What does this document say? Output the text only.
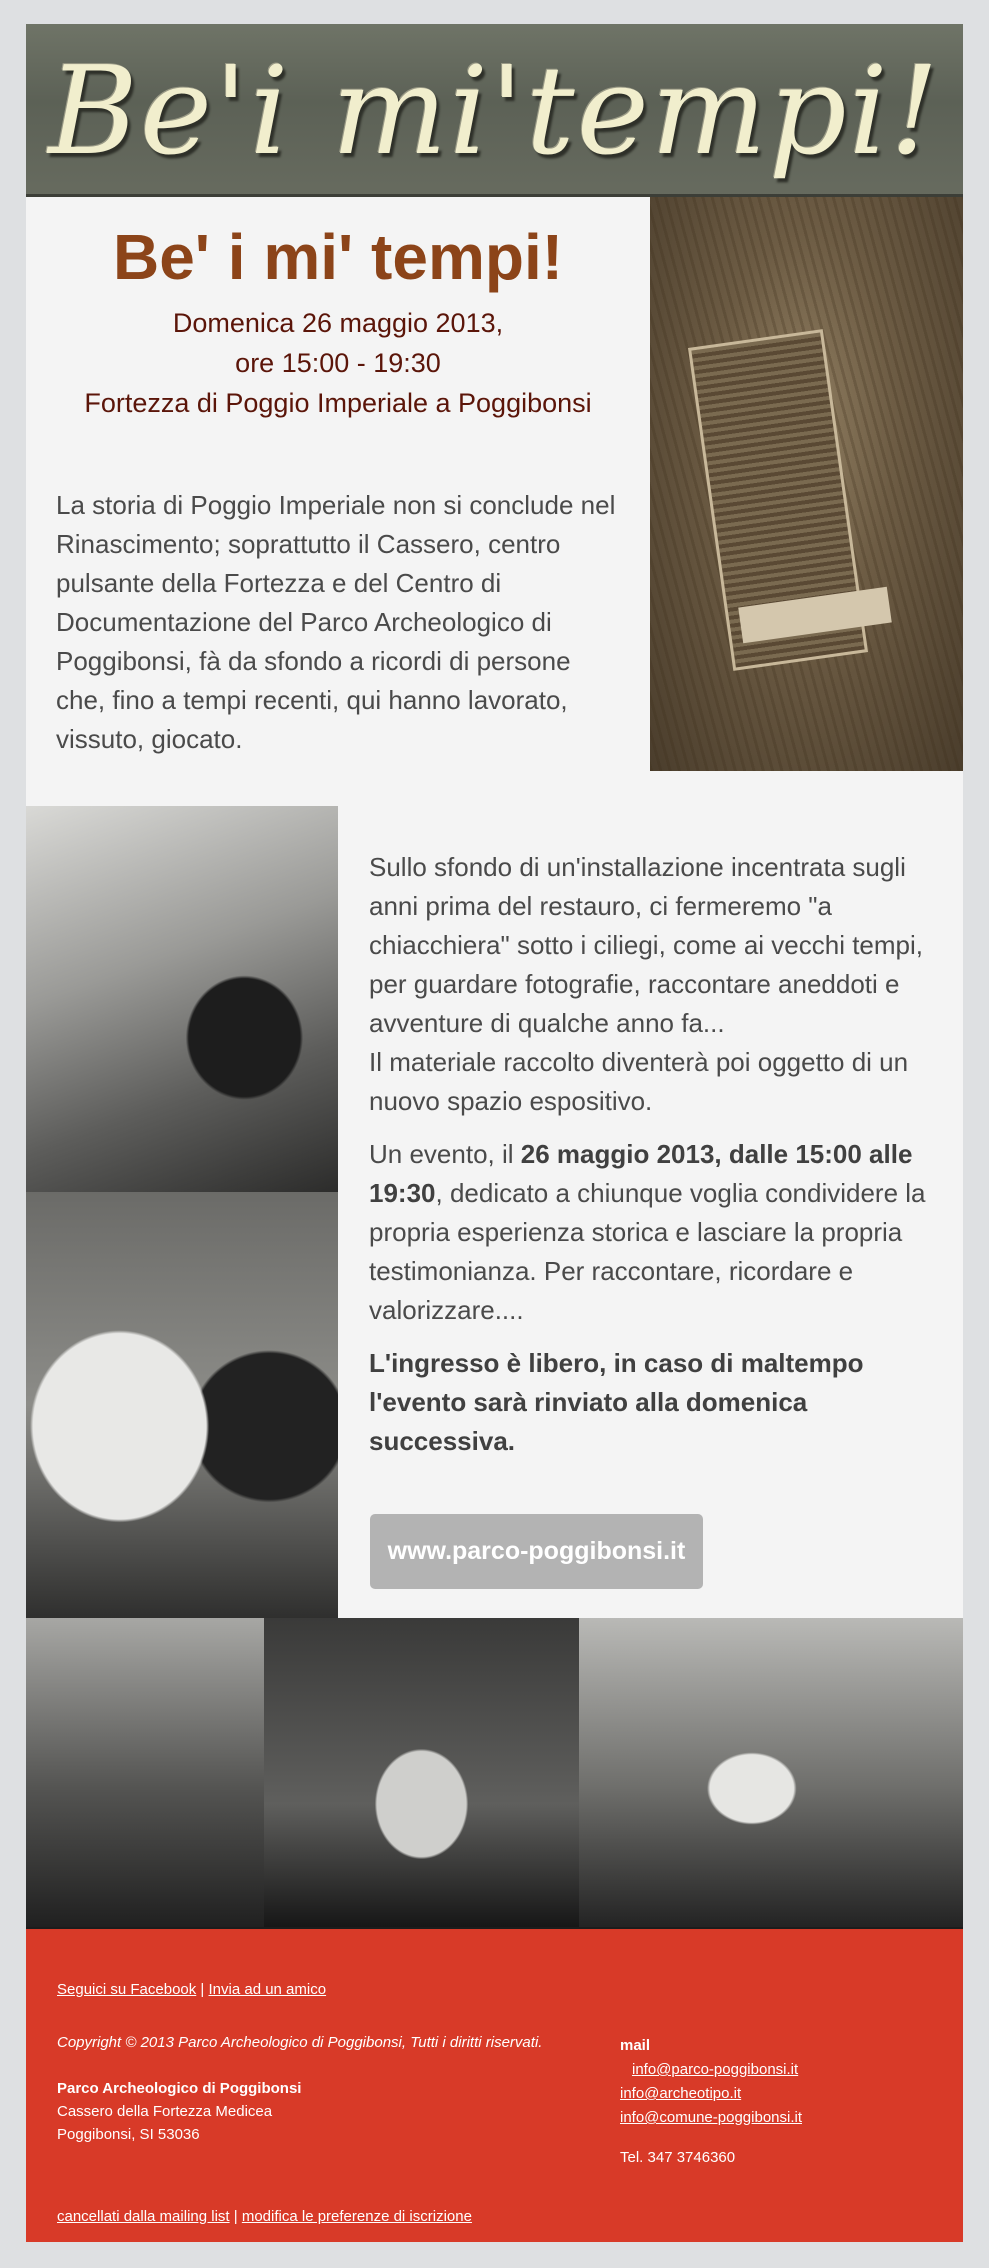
Be'i mi'tempi!
Be' i mi' tempi!
Domenica 26 maggio 2013,
ore 15:00 - 19:30
Fortezza di Poggio Imperiale a Poggibonsi
La storia di Poggio Imperiale non si conclude nel Rinascimento; soprattutto il Cassero, centro pulsante della Fortezza e del Centro di Documentazione del Parco Archeologico di Poggibonsi, fà da sfondo a ricordi di persone che, fino a tempi recenti, qui hanno lavorato, vissuto, giocato.

Sullo sfondo di un'installazione incentrata sugli anni prima del restauro, ci fermeremo "a chiacchiera" sotto i ciliegi, come ai vecchi tempi, per guardare fotografie, raccontare aneddoti e avventure di qualche anno fa...
Il materiale raccolto diventerà poi oggetto di un nuovo spazio espositivo.

Un evento, il 26 maggio 2013, dalle 15:00 alle 19:30, dedicato a chiunque voglia condividere la propria esperienza storica e lasciare la propria testimonianza. Per raccontare, ricordare e valorizzare....

L'ingresso è libero, in caso di maltempo l'evento sarà rinviato alla domenica successiva.

www.parco-poggibonsi.it
Seguici su Facebook | Invia ad un amico
Copyright © 2013 Parco Archeologico di Poggibonsi, Tutti i diritti riservati.
Parco Archeologico di Poggibonsi
Cassero della Fortezza Medicea
Poggibonsi, SI 53036
mail
info@parco-poggibonsi.it
info@archeotipo.it
info@comune-poggibonsi.it
Tel. 347 3746360
cancellati dalla mailing list | modifica le preferenze di iscrizione
